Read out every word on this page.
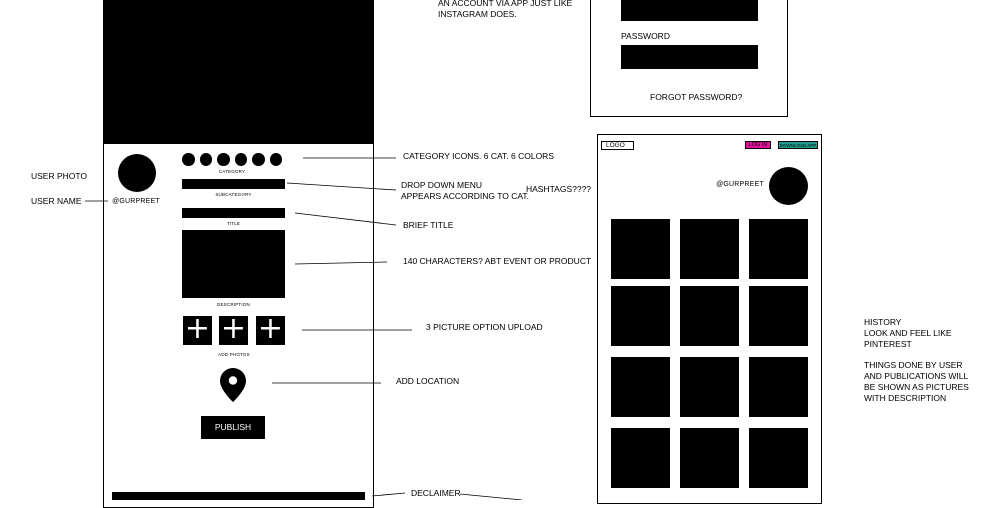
@GURPREET
CATEGORY
SUBCATEGORY
TITLE
DESCRIPTION
+ + +
ADD PHOTOS
PUBLISH
AN ACCOUNT VIA APP JUST LIKE
INSTAGRAM DOES.
USER PHOTO
USER NAME
CATEGORY ICONS. 6 CAT. 6 COLORS
DROP DOWN MENU
APPEARS ACCORDING TO CAT.
HASHTAGS????
BRIEF TITLE
140 CHARACTERS? ABT EVENT OR PRODUCT
3 PICTURE OPTION UPLOAD
ADD LOCATION
DECLAIMER
HISTORY
LOOK AND FEEL LIKE
PINTEREST
THINGS DONE BY USER
AND PUBLICATIONS WILL
BE SHOWN AS PICTURES
WITH DESCRIPTION
PASSWORD
FORGOT PASSWORD?
LOGO	LOG IN	DOWNLOAD APP
@GURPREET
